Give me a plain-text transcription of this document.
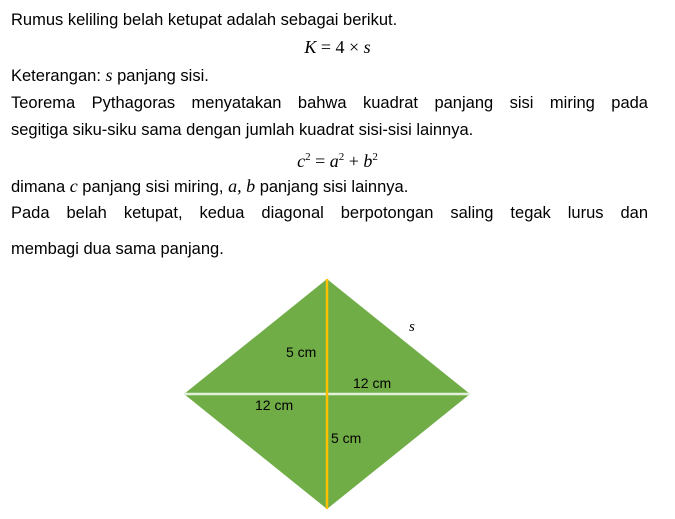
Rumus keliling belah ketupat adalah sebagai berikut.
K = 4 × s
Keterangan: s panjang sisi.
Teorema Pythagoras menyatakan bahwa kuadrat panjang sisi miring pada
segitiga siku-siku sama dengan jumlah kuadrat sisi-sisi lainnya.
$c^2 = a^2 + b^2$
dimana c panjang sisi miring, a, b panjang sisi lainnya.
Pada belah ketupat, kedua diagonal berpotongan saling tegak lurus dan
membagi dua sama panjang.
5 cm
12 cm
12 cm
5 cm
s
